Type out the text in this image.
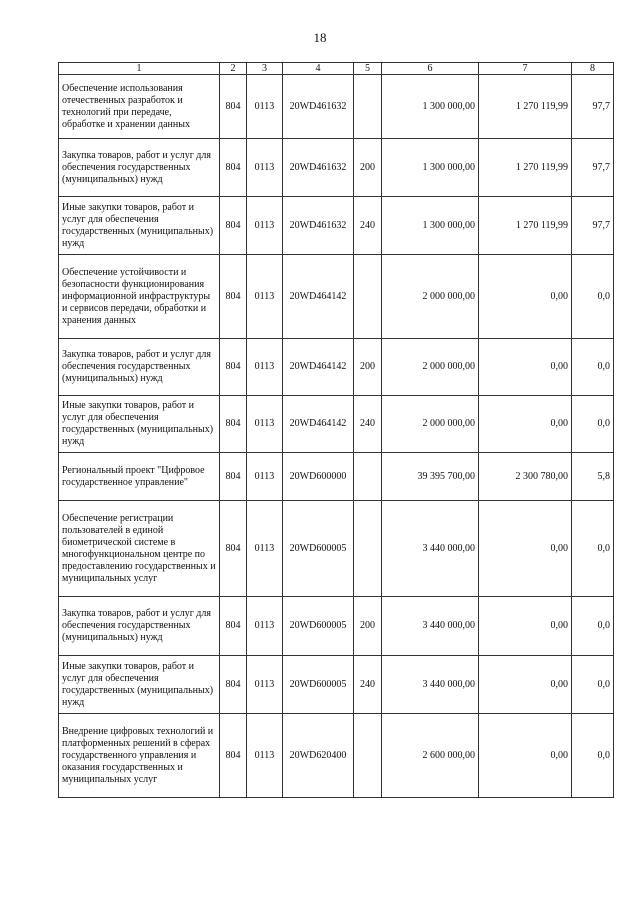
18
1	2	3	4	5	6	7	8
Обеспечение использования отечественных разработок и технологий при передаче, обработке и хранении данных	804	0113	20WD461632		1 300 000,00	1 270 119,99	97,7
Закупка товаров, работ и услуг для обеспечения государственных (муниципальных) нужд	804	0113	20WD461632	200	1 300 000,00	1 270 119,99	97,7
Иные закупки товаров, работ и услуг для обеспечения государственных (муниципальных) нужд	804	0113	20WD461632	240	1 300 000,00	1 270 119,99	97,7
Обеспечение устойчивости и безопасности функционирования информационной инфраструктуры и сервисов передачи, обработки и хранения данных	804	0113	20WD464142		2 000 000,00	0,00	0,0
Закупка товаров, работ и услуг для обеспечения государственных (муниципальных) нужд	804	0113	20WD464142	200	2 000 000,00	0,00	0,0
Иные закупки товаров, работ и услуг для обеспечения государственных (муниципальных) нужд	804	0113	20WD464142	240	2 000 000,00	0,00	0,0
Региональный проект "Цифровое государственное управление"	804	0113	20WD600000		39 395 700,00	2 300 780,00	5,8
Обеспечение регистрации пользователей в единой биометрической системе в многофункциональном центре по предоставлению государственных и муниципальных услуг	804	0113	20WD600005		3 440 000,00	0,00	0,0
Закупка товаров, работ и услуг для обеспечения государственных (муниципальных) нужд	804	0113	20WD600005	200	3 440 000,00	0,00	0,0
Иные закупки товаров, работ и услуг для обеспечения государственных (муниципальных) нужд	804	0113	20WD600005	240	3 440 000,00	0,00	0,0
Внедрение цифровых технологий и платформенных решений в сферах государственного управления и оказания государственных и муниципальных услуг	804	0113	20WD620400		2 600 000,00	0,00	0,0
